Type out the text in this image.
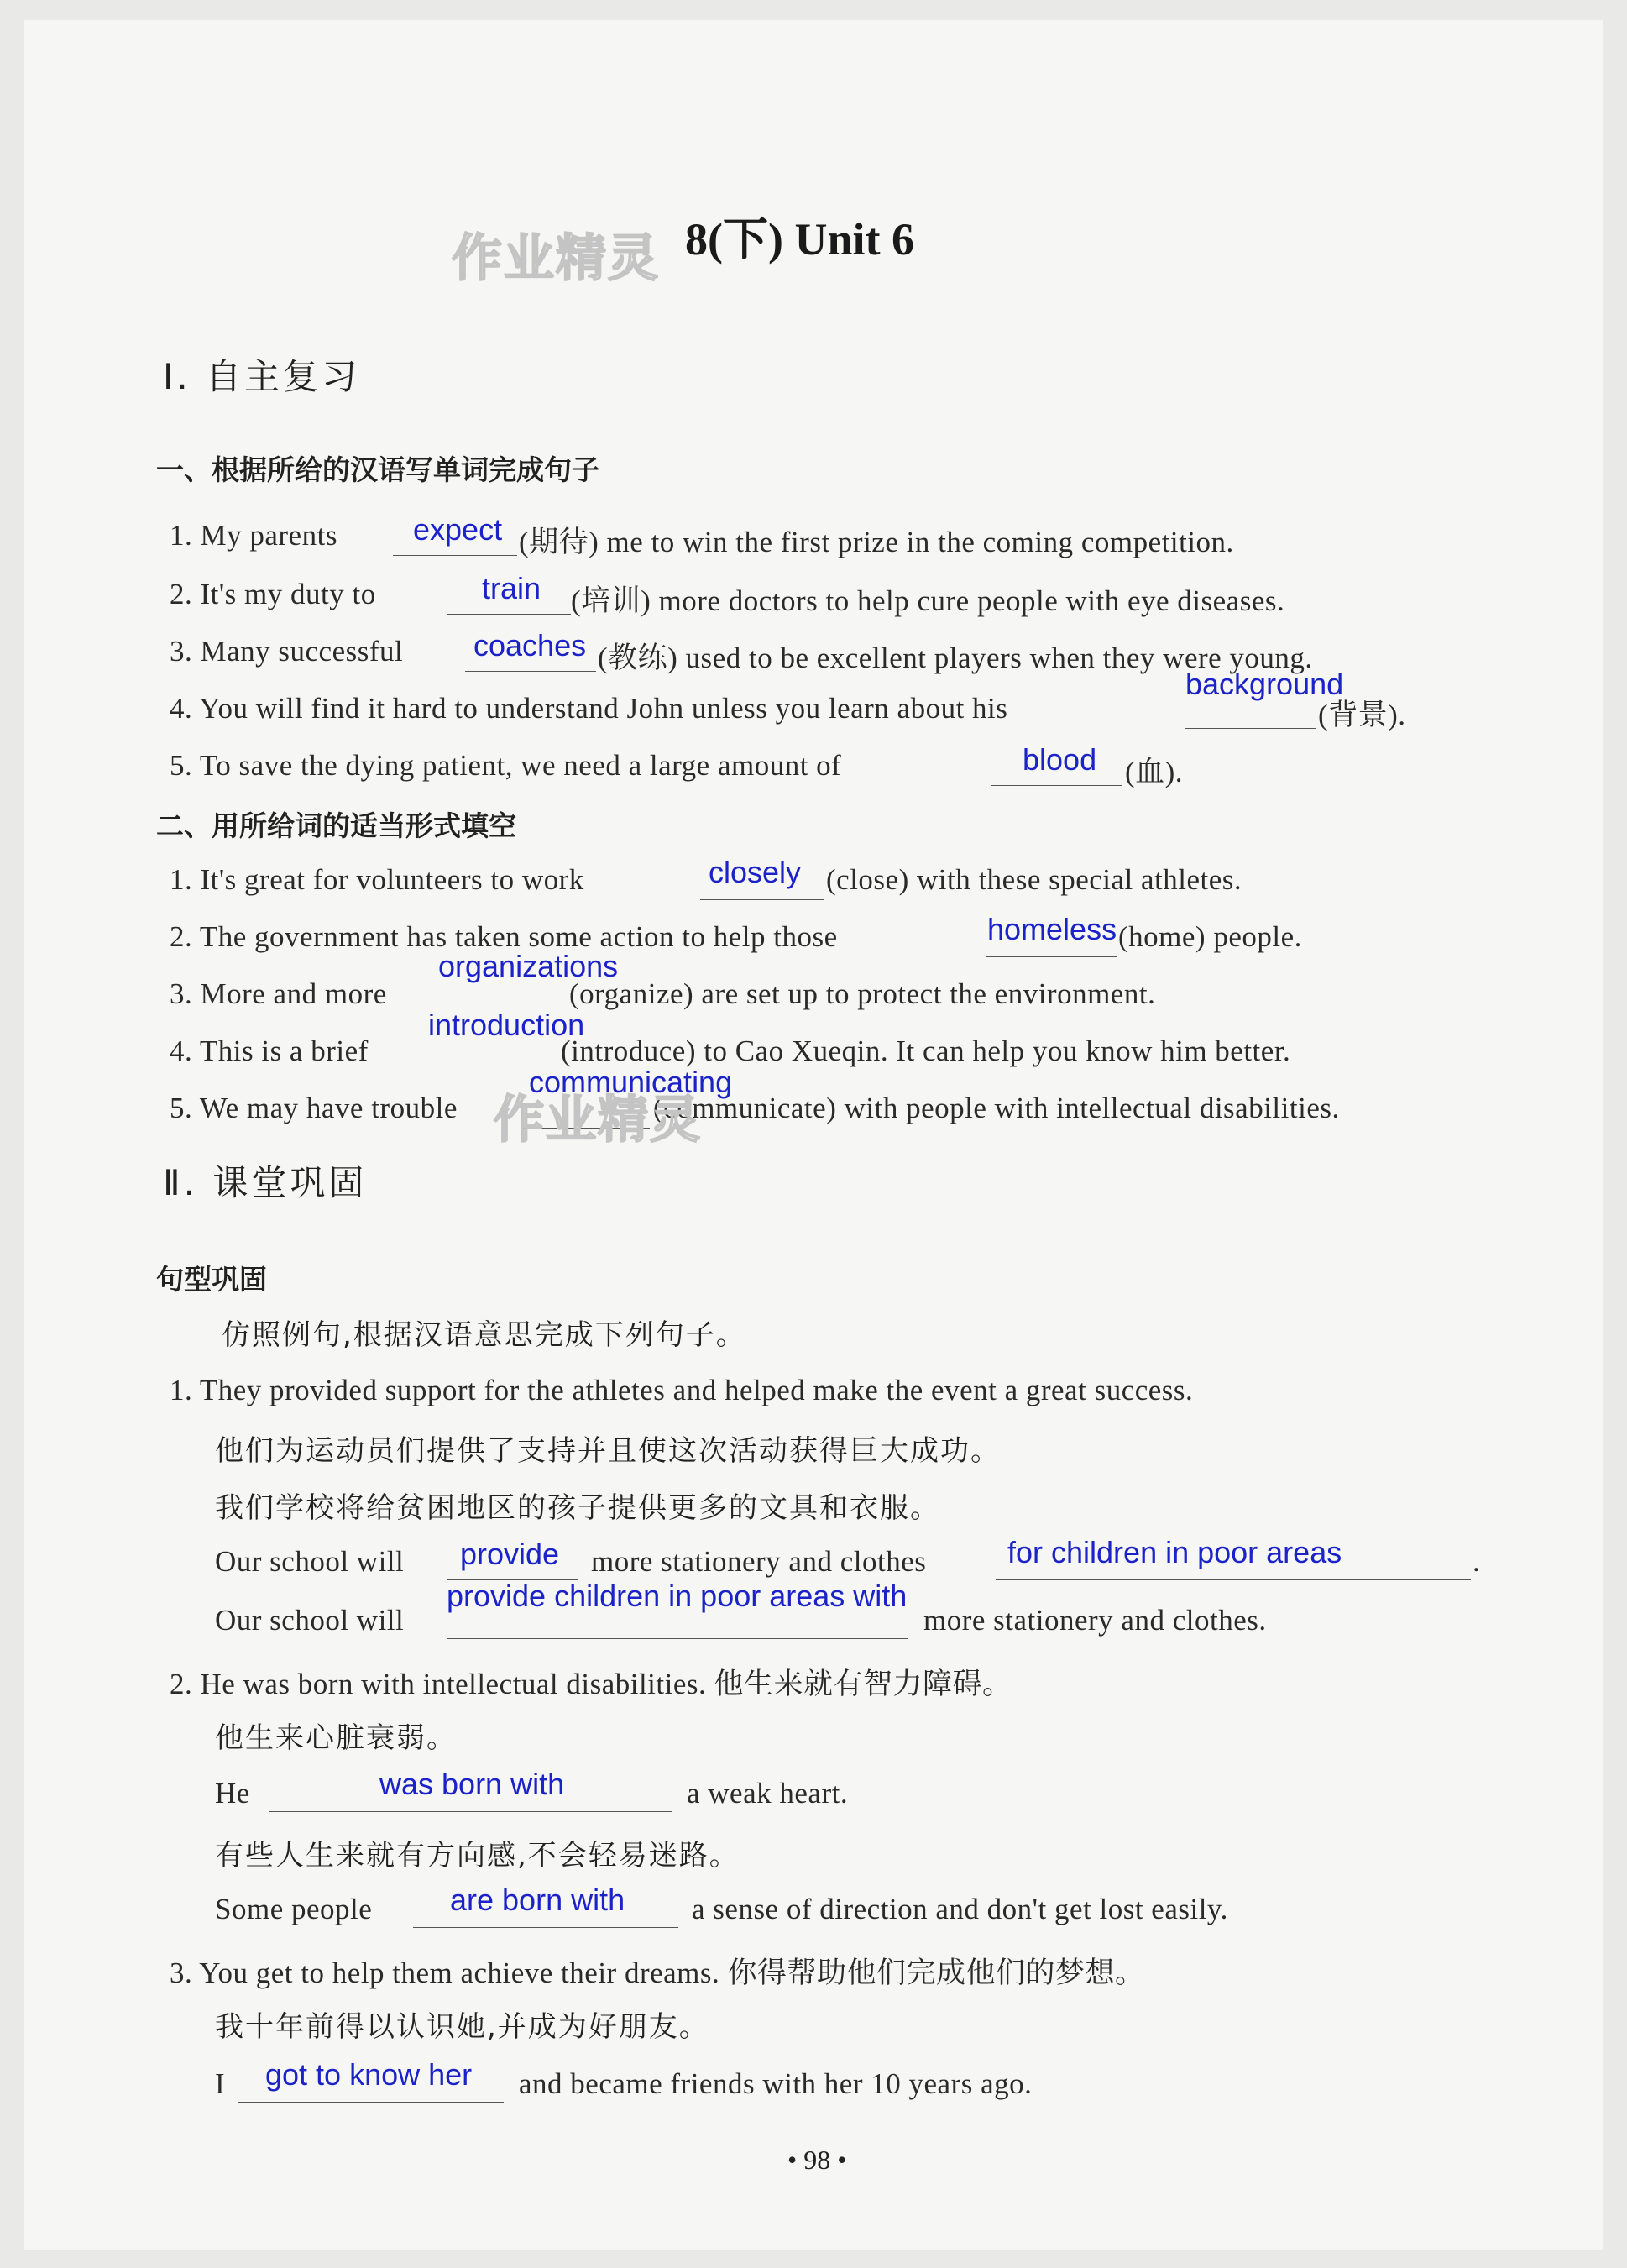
作业精灵 8(下) Unit 6
Ⅰ. 自主复习
一、根据所给的汉语写单词完成句子
1. My parents	expect (期待) me to win the first prize in the coming competition.
2. It's my duty to	train (培训) more doctors to help cure people with eye diseases.
3. Many successful coaches (教练) used to be excellent players when they were young.
4. You will find it hard to understand John unless you learn about his
background
(背景).
5. To save the dying patient, we need a large amount of	blood (血).
二、用所给词的适当形式填空
1. It's great for volunteers to work	closely (close) with these special athletes.
2. The government has taken some action to help those	homeless (home) people.
3. More and more
organizations
(organize) are set up to protect the environment.
4. This is a brief
introduction
(introduce) to Cao Xueqin. It can help you know him better.
5. We may have trouble
communicating
(communicate) with people with intellectual disabilities.
作业精灵
Ⅱ. 课堂巩固
句型巩固
仿照例句,根据汉语意思完成下列句子。
1. They provided support for the athletes and helped make the event a great success.
他们为运动员们提供了支持并且使这次活动获得巨大成功。
我们学校将给贫困地区的孩子提供更多的文具和衣服。
Our school will provide more stationery and clothes	for children in poor areas	.
Our school will
provide children in poor areas with
more stationery and clothes.
2. He was born with intellectual disabilities. 他生来就有智力障碍。
他生来心脏衰弱。
He	was born with	a weak heart.
有些人生来就有方向感,不会轻易迷路。
Some people	are born with a sense of direction and don't get lost easily.
3. You get to help them achieve their dreams. 你得帮助他们完成他们的梦想。
我十年前得以认识她,并成为好朋友。
I got to know her and became friends with her 10 years ago.
• 98 •
